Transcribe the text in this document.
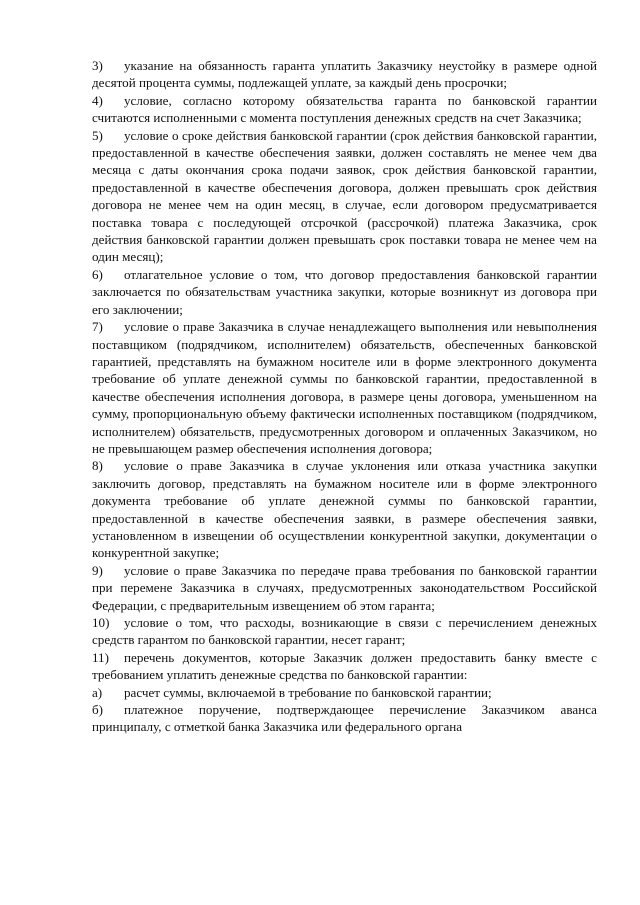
3) указание на обязанность гаранта уплатить Заказчику неустойку в размере одной десятой процента суммы, подлежащей уплате, за каждый день просрочки;

4) условие, согласно которому обязательства гаранта по банковской гарантии считаются исполненными с момента поступления денежных средств на счет Заказчика;

5) условие о сроке действия банковской гарантии (срок действия банковской гарантии, предоставленной в качестве обеспечения заявки, должен составлять не менее чем два месяца с даты окончания срока подачи заявок, срок действия банковской гарантии, предоставленной в качестве обеспечения договора, должен превышать срок действия договора не менее чем на один месяц, в случае, если договором предусматривается поставка товара с последующей отсрочкой (рассрочкой) платежа Заказчика, срок действия банковской гарантии должен превышать срок поставки товара не менее чем на один месяц);

6) отлагательное условие о том, что договор предоставления банковской гарантии заключается по обязательствам участника закупки, которые возникнут из договора при его заключении;

7) условие о праве Заказчика в случае ненадлежащего выполнения или невыполнения поставщиком (подрядчиком, исполнителем) обязательств, обеспеченных банковской гарантией, представлять на бумажном носителе или в форме электронного документа требование об уплате денежной суммы по банковской гарантии, предоставленной в качестве обеспечения исполнения договора, в размере цены договора, уменьшенном на сумму, пропорциональную объему фактически исполненных поставщиком (подрядчиком, исполнителем) обязательств, предусмотренных договором и оплаченных Заказчиком, но не превышающем размер обеспечения исполнения договора;

8) условие о праве Заказчика в случае уклонения или отказа участника закупки заключить договор, представлять на бумажном носителе или в форме электронного документа требование об уплате денежной суммы по банковской гарантии, предоставленной в качестве обеспечения заявки, в размере обеспечения заявки, установленном в извещении об осуществлении конкурентной закупки, документации о конкурентной закупке;

9) условие о праве Заказчика по передаче права требования по банковской гарантии при перемене Заказчика в случаях, предусмотренных законодательством Российской Федерации, с предварительным извещением об этом гаранта;

10) условие о том, что расходы, возникающие в связи с перечислением денежных средств гарантом по банковской гарантии, несет гарант;

11) перечень документов, которые Заказчик должен предоставить банку вместе с требованием уплатить денежные средства по банковской гарантии:

а) расчет суммы, включаемой в требование по банковской гарантии;

б) платежное поручение, подтверждающее перечисление Заказчиком аванса принципалу, с отметкой банка Заказчика или федерального органа
